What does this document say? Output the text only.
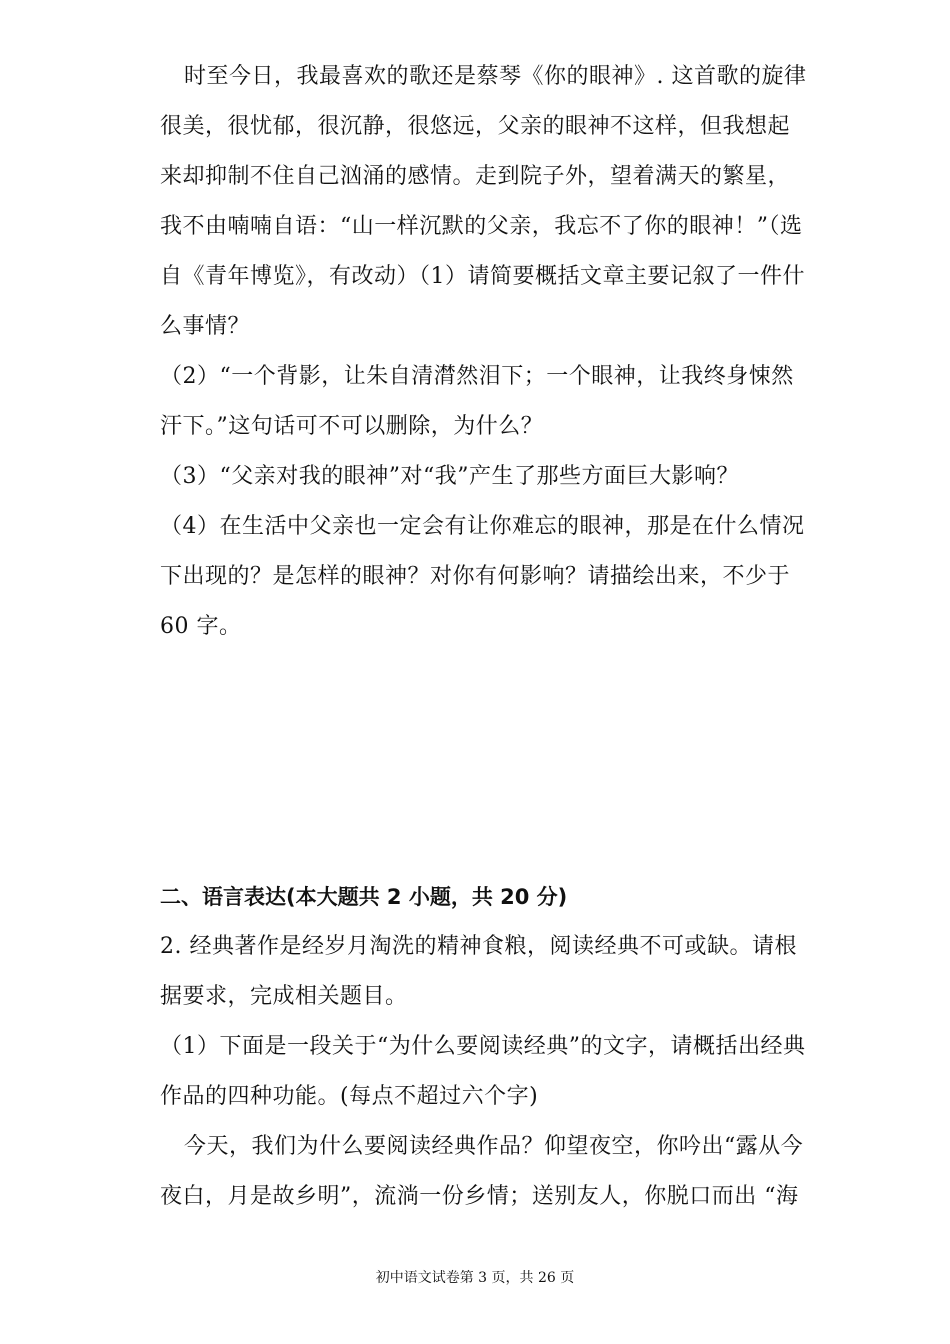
时至今日，我最喜欢的歌还是蔡琴《你的眼神》. 这首歌的旋律
很美，很忧郁，很沉静，很悠远，父亲的眼神不这样，但我想起
来却抑制不住自己汹涌的感情。走到院子外，望着满天的繁星，
我不由喃喃自语：“山一样沉默的父亲，我忘不了你的眼神！”（选
自《青年博览》，有改动）（1）请简要概括文章主要记叙了一件什
么事情？
（2）“一个背影，让朱自清潸然泪下；一个眼神，让我终身悚然
汗下。”这句话可不可以删除，为什么？
（3）“父亲对我的眼神”对“我”产生了那些方面巨大影响？
（4）在生活中父亲也一定会有让你难忘的眼神，那是在什么情况
下出现的？是怎样的眼神？对你有何影响？请描绘出来，不少于
60 字。
二、语言表达(本大题共 2 小题，共 20 分)
2. 经典著作是经岁月淘洗的精神食粮，阅读经典不可或缺。请根
据要求，完成相关题目。
（1）下面是一段关于“为什么要阅读经典”的文字，请概括出经典
作品的四种功能。(每点不超过六个字)
今天，我们为什么要阅读经典作品？仰望夜空，你吟出“露从今
夜白，月是故乡明”，流淌一份乡情；送别友人，你脱口而出 “海
初中语文试卷第 3 页，共 26 页
